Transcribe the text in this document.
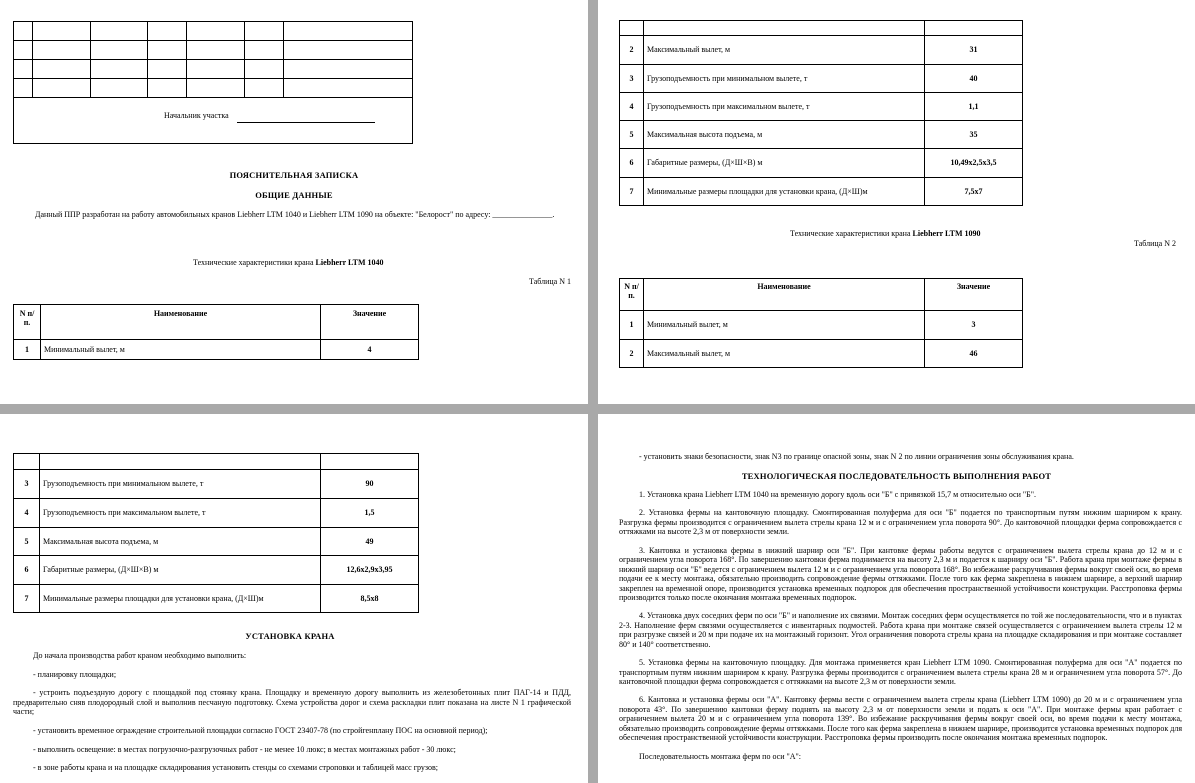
Начальник участка						
ПОЯСНИТЕЛЬНАЯ ЗАПИСКА
ОБЩИЕ ДАННЫЕ
Данный ППР разработан на работу автомобильных кранов Liebherr LTM 1040 и Liebherr LTM 1090 на объекте: "Белорост" по адресу: _______________.
Технические характеристики крана Liebherr LTM 1040
Таблица N 1
N п/п.	Наименование	Значение
1	Минимальный вылет, м	4

2	Максимальный вылет, м	31
3	Грузоподъемность при минимальном вылете, т	40
4	Грузоподъемность при максимальном вылете, т	1,1
5	Максимальная высота подъема, м	35
6	Габаритные размеры, (Д×Ш×В) м	10,49х2,5х3,5
7	Минимальные размеры площадки для установки крана, (Д×Ш)м	7,5х7
Технические характеристики крана Liebherr LTM 1090
Таблица N 2
N п/п.	Наименование	Значение
1	Минимальный вылет, м	3
2	Максимальный вылет, м	46

3	Грузоподъемность при минимальном вылете, т	90
4	Грузоподъемность при максимальном вылете, т	1,5
5	Максимальная высота подъема, м	49
6	Габаритные размеры, (Д×Ш×В) м	12,6х2,9х3,95
7	Минимальные размеры площадки для установки крана, (Д×Ш)м	8,5х8
УСТАНОВКА КРАНА

До начала производства работ краном необходимо выполнить:

- планировку площадки;

- устроить подъездную дорогу с площадкой под стоянку крана. Площадку и временную дорогу выполнить из железобетонных плит ПАГ-14 и ПДД, предварительно сняв плодородный слой и выполнив песчаную подготовку. Схема устройства дорог и схема раскладки плит показана на листе N 1 графической части;

- установить временное ограждение строительной площадки согласно ГОСТ 23407-78 (по стройгенплану ПОС на основной период);

- выполнить освещение: в местах погрузочно-разгрузочных работ - не менее 10 люкс; в местах монтажных работ - 30 люкс;

- в зоне работы крана и на площадке складирования установить стенды со схемами строповки и таблицей масс грузов;

- установить знаки безопасности, знак N3 по границе опасной зоны, знак N 2 по линии ограничения зоны обслуживания крана.
ТЕХНОЛОГИЧЕСКАЯ ПОСЛЕДОВАТЕЛЬНОСТЬ ВЫПОЛНЕНИЯ РАБОТ

1. Установка крана Liebherr LTM 1040 на временную дорогу вдоль оси "Б" с привязкой 15,7 м относительно оси "Б".

2. Установка фермы на кантовочную площадку. Смонтированная полуферма для оси "Б" подается по транспортным путям нижним шарниром к крану. Разгрузка фермы производится с ограничением вылета стрелы крана 12 м и с ограничением угла поворота 90°. До кантовочной площадки ферма сопровождается с оттяжками на высоте 2,3 м от поверхности земли.

3. Кантовка и установка фермы в нижний шарнир оси "Б". При кантовке фермы работы ведутся с ограничением вылета стрелы крана до 12 м и с ограничением угла поворота 168°. По завершению кантовки ферма поднимается на высоту 2,3 м и подается к шарниру оси "Б". Работа крана при монтаже фермы в нижний шарнир оси "Б" ведется с ограничением вылета 12 м и с ограничением угла поворота 168°. Во избежание раскручивания фермы вокруг своей оси, во время подачи ее к месту монтажа, обязательно производить сопровождение фермы оттяжками. После того как ферма закреплена в нижнем шарнире, а верхний шарнир закреплен на временной опоре, производится установка временных подпорок для обеспечения пространственной устойчивости конструкции. Расстроповка фермы производится только после окончания монтажа временных подпорок.

4. Установка двух соседних ферм по оси "Б" и наполнение их связями. Монтаж соседних ферм осуществляется по той же последовательности, что и в пунктах 2-3. Наполнение ферм связями осуществляется с инвентарных подмостей. Работа крана при монтаже связей осуществляется с ограничением вылета стрелы 12 м при разгрузке связей и 20 м при подаче их на монтажный горизонт. Угол ограничения поворота стрелы крана на площадке складирования и при монтаже составляет 80° и 140° соответственно.

5. Установка фермы на кантовочную площадку. Для монтажа применяется кран Liebherr LTM 1090. Смонтированная полуферма для оси "А" подается по транспортным путям нижним шарниром к крану. Разгрузка фермы производится с ограничением вылета стрелы крана 28 м и ограничением угла поворота 57°. До кантовочной площадки ферма сопровождается с оттяжками на высоте 2,3 м от поверхности земли.

6. Кантовка и установка фермы оси "А". Кантовку фермы вести с ограничением вылета стрелы крана (Liebherr LTM 1090) до 20 м и с ограничением угла поворота 43°. По завершению кантовки ферму поднять на высоту 2,3 м от поверхности земли и подать к оси "А". При монтаже фермы кран работает с ограничением вылета 20 м и с ограничением угла поворота 139°. Во избежание раскручивания фермы вокруг своей оси, во время подачи к месту монтажа, обязательно производить сопровождение фермы оттяжками. После того как ферма закреплена в нижнем шарнире, производится установка временных подпорок для обеспечения пространственной устойчивости конструкции. Расстроповка фермы производить после окончания монтажа временных подпорок.

Последовательность монтажа ферм по оси "А":
